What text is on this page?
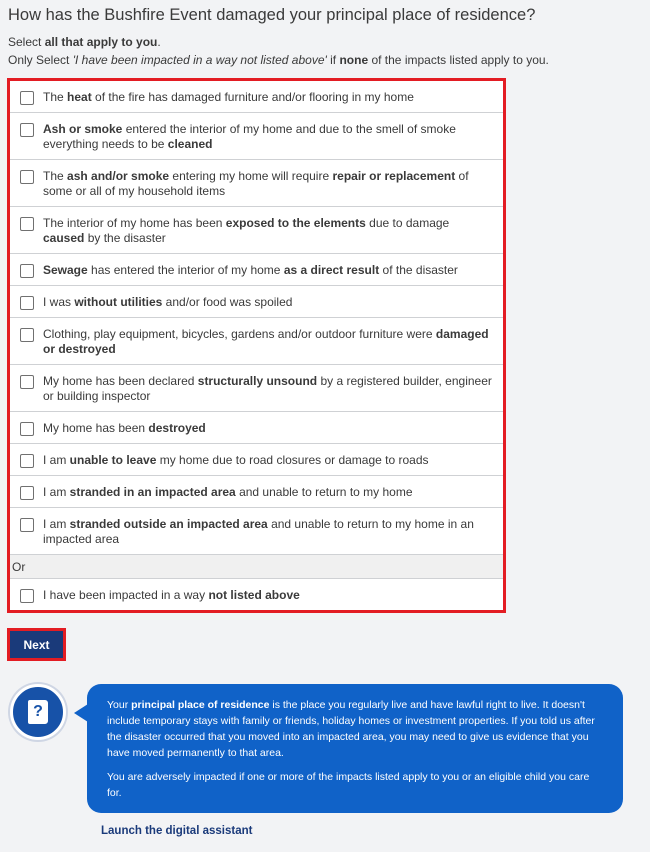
How has the Bushfire Event damaged your principal place of residence?

Select all that apply to you.

Only Select 'I have been impacted in a way not listed above' if none of the impacts listed apply to you.

The heat of the fire has damaged furniture and/or flooring in my home
Ash or smoke entered the interior of my home and due to the smell of smoke everything needs to be cleaned
The ash and/or smoke entering my home will require repair or replacement of some or all of my household items
The interior of my home has been exposed to the elements due to damage caused by the disaster
Sewage has entered the interior of my home as a direct result of the disaster
I was without utilities and/or food was spoiled
Clothing, play equipment, bicycles, gardens and/or outdoor furniture were damaged or destroyed
My home has been declared structurally unsound by a registered builder, engineer or building inspector
My home has been destroyed
I am unable to leave my home due to road closures or damage to roads
I am stranded in an impacted area and unable to return to my home
I am stranded outside an impacted area and unable to return to my home in an impacted area
Or
I have been impacted in a way not listed above
Next
?	Your principal place of residence is the place you regularly live and have lawful right to live. It doesn't include temporary stays with family or friends, holiday homes or investment properties. If you told us after the disaster occurred that you moved into an impacted area, you may need to give us evidence that you have moved permanently to that area.

You are adversely impacted if one or more of the impacts listed apply to you or an eligible child you care for.

Launch the digital assistant
